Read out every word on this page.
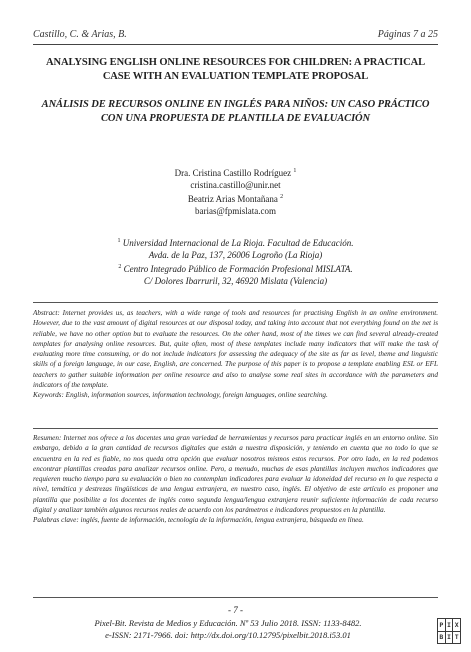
Castillo, C. & Arias, B.	Páginas 7 a 25
ANALYSING ENGLISH ONLINE RESOURCES FOR CHILDREN: A PRACTICAL CASE WITH AN EVALUATION TEMPLATE PROPOSAL
ANÁLISIS DE RECURSOS ONLINE EN INGLÉS PARA NIÑOS: UN CASO PRÁCTICO CON UNA PROPUESTA DE PLANTILLA DE EVALUACIÓN
Dra. Cristina Castillo Rodríguez $^1$
cristina.castillo@unir.net
Beatriz Arias Montañana $^2$
barias@fpmislata.com
$^1$ Universidad Internacional de La Rioja. Facultad de Educación.
Avda. de la Paz, 137, 26006 Logroño (La Rioja)
$^2$ Centro Integrado Público de Formación Profesional MISLATA.
C/ Dolores Ibarruril, 32, 46920 Mislata (Valencia)
Abstract: Internet provides us, as teachers, with a wide range of tools and resources for practising English in an online environment. However, due to the vast amount of digital resources at our disposal today, and taking into account that not everything found on the net is reliable, we have no other option but to evaluate the resources. On the other hand, most of the times we can find several already-created templates for analysing online resources. But, quite often, most of these templates include many indicators that will make the task of evaluating more time consuming, or do not include indicators for assessing the adequacy of the site as far as level, theme and linguistic skills of a foreign language, in our case, English, are concerned. The purpose of this paper is to propose a template enabling ESL or EFL teachers to gather suitable information per online resource and also to analyse some real sites in accordance with the parameters and indicators of the template.
Keywords: English, information sources, information technology, foreign languages, online searching.
Resumen: Internet nos ofrece a los docentes una gran variedad de herramientas y recursos para practicar inglés en un entorno online. Sin embargo, debido a la gran cantidad de recursos digitales que están a nuestra disposición, y teniendo en cuenta que no todo lo que se encuentra en la red es fiable, no nos queda otra opción que evaluar nosotros mismos estos recursos. Por otro lado, en la red podemos encontrar plantillas creadas para analizar recursos online. Pero, a menudo, muchas de esas plantillas incluyen muchos indicadores que requieren mucho tiempo para su evaluación o bien no contemplan indicadores para evaluar la idoneidad del recurso en lo que respecta a nivel, temática y destrezas lingüísticas de una lengua extranjera, en nuestro caso, inglés. El objetivo de este artículo es proponer una plantilla que posibilite a los docentes de inglés como segunda lengua/lengua extranjera reunir suficiente información de cada recurso digital y analizar también algunos recursos reales de acuerdo con los parámetros e indicadores propuestos en la plantilla.
Palabras clave: inglés, fuente de información, tecnología de la información, lengua extranjera, búsqueda en línea.
- 7 -
Pixel-Bit. Revista de Medios y Educación. Nº 53 Julio 2018. ISSN: 1133-8482.
e-ISSN: 2171-7966. doi: http://dx.doi.org/10.12795/pixelbit.2018.i53.01
P I X
B I T
